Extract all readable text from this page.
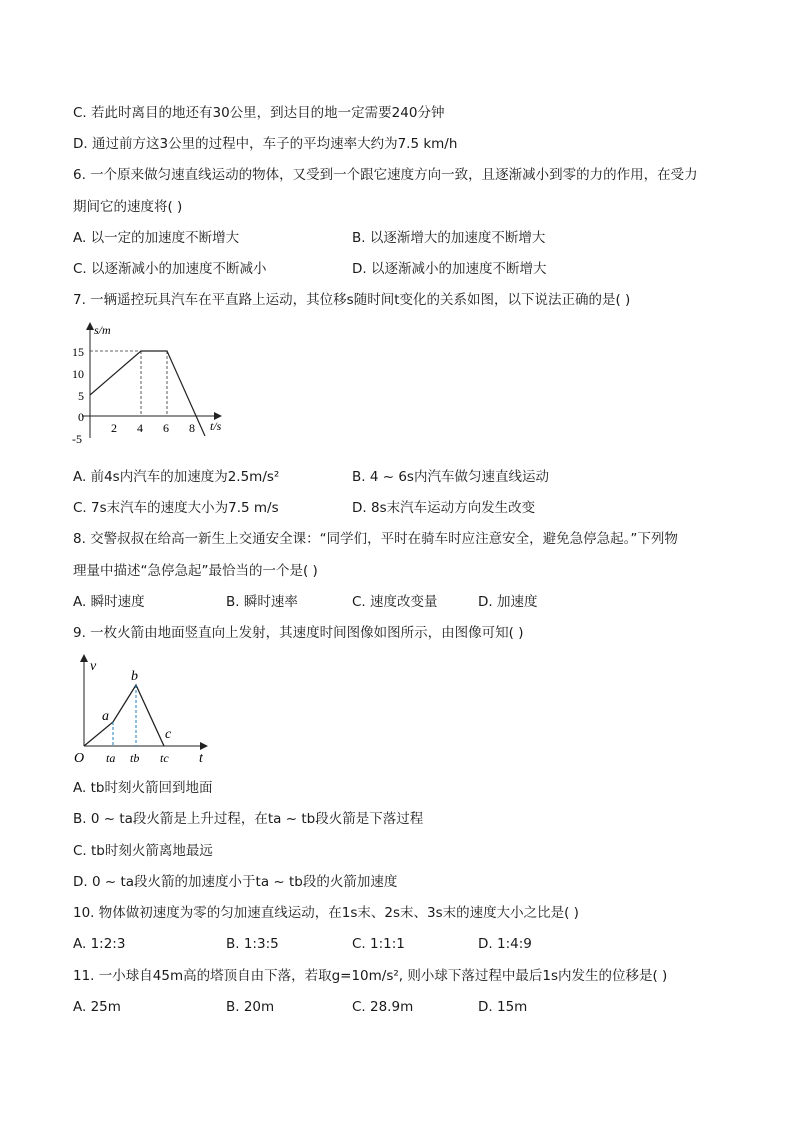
C. 若此时离目的地还有30公里，到达目的地一定需要240分钟
D. 通过前方这3公里的过程中，车子的平均速率大约为7.5 km/h
6. 一个原来做匀速直线运动的物体，又受到一个跟它速度方向一致，且逐渐减小到零的力的作用，在受力
期间它的速度将( )
A. 以一定的加速度不断增大	B. 以逐渐增大的加速度不断增大
C. 以逐渐减小的加速度不断减小	D. 以逐渐减小的加速度不断增大
7. 一辆遥控玩具汽车在平直路上运动，其位移s随时间t变化的关系如图，以下说法正确的是( )
s/m
t/s
15
10
5
0
-5
2 4 6 8
A. 前4s内汽车的加速度为2.5m/s²	B. 4 ~ 6s内汽车做匀速直线运动
C. 7s末汽车的速度大小为7.5 m/s	D. 8s末汽车运动方向发生改变
8. 交警叔叔在给高一新生上交通安全课：“同学们，平时在骑车时应注意安全，避免急停急起。”下列物
理量中描述“急停急起”最恰当的一个是( )
A. 瞬时速度	B. 瞬时速率	C. 速度改变量	D. 加速度
9. 一枚火箭由地面竖直向上发射，其速度时间图像如图所示，由图像可知( )
v
t
O
a
b
c
ta tb tc
A. tb时刻火箭回到地面
B. 0 ~ ta段火箭是上升过程，在ta ~ tb段火箭是下落过程
C. tb时刻火箭离地最远
D. 0 ~ ta段火箭的加速度小于ta ~ tb段的火箭加速度
10. 物体做初速度为零的匀加速直线运动，在1s末、2s末、3s末的速度大小之比是( )
A. 1:2:3	B. 1:3:5	C. 1:1:1	D. 1:4:9
11. 一小球自45m高的塔顶自由下落，若取g=10m/s², 则小球下落过程中最后1s内发生的位移是( )
A. 25m	B. 20m	C. 28.9m	D. 15m
